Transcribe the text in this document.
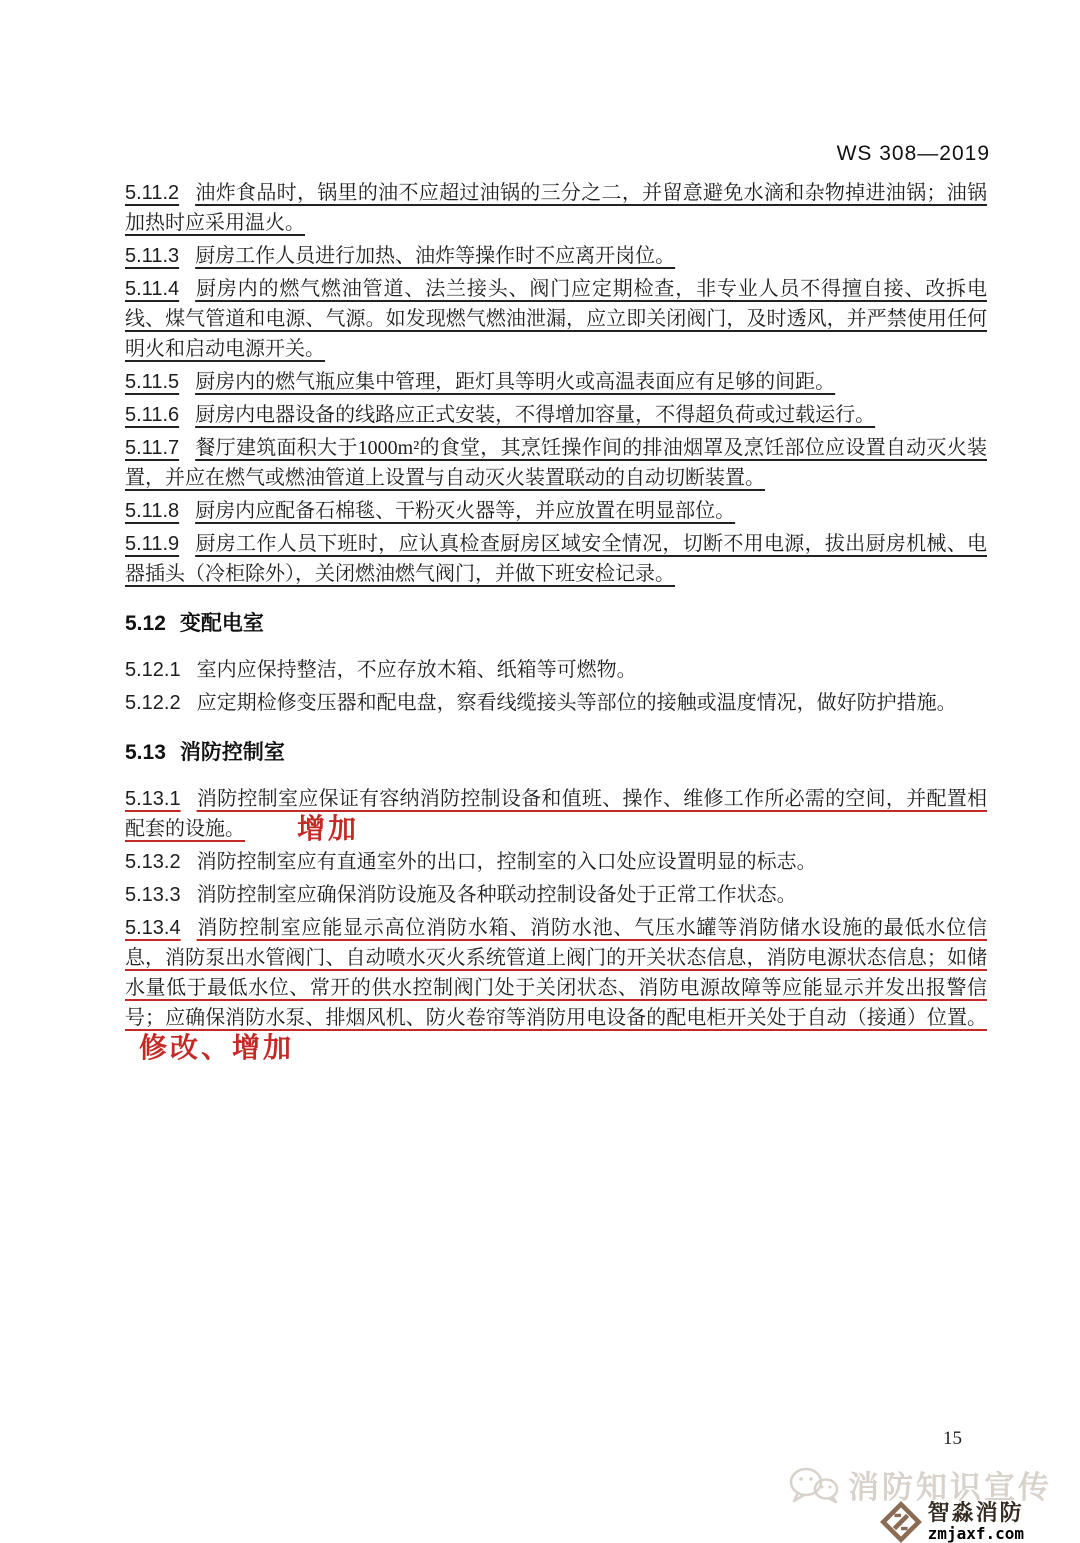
WS 308—2019

5.11.2 油炸食品时，锅里的油不应超过油锅的三分之二，并留意避免水滴和杂物掉进油锅；油锅加热时应采用温火。

5.11.3 厨房工作人员进行加热、油炸等操作时不应离开岗位。

5.11.4 厨房内的燃气燃油管道、法兰接头、阀门应定期检查，非专业人员不得擅自接、改拆电线、煤气管道和电源、气源。如发现燃气燃油泄漏，应立即关闭阀门，及时透风，并严禁使用任何明火和启动电源开关。

5.11.5 厨房内的燃气瓶应集中管理，距灯具等明火或高温表面应有足够的间距。

5.11.6 厨房内电器设备的线路应正式安装，不得增加容量，不得超负荷或过载运行。

5.11.7 餐厅建筑面积大于1000m²的食堂，其烹饪操作间的排油烟罩及烹饪部位应设置自动灭火装置，并应在燃气或燃油管道上设置与自动灭火装置联动的自动切断装置。

5.11.8 厨房内应配备石棉毯、干粉灭火器等，并应放置在明显部位。

5.11.9 厨房工作人员下班时，应认真检查厨房区域安全情况，切断不用电源，拔出厨房机械、电器插头（冷柜除外），关闭燃油燃气阀门，并做下班安检记录。

5.12 变配电室

5.12.1 室内应保持整洁，不应存放木箱、纸箱等可燃物。

5.12.2 应定期检修变压器和配电盘，察看线缆接头等部位的接触或温度情况，做好防护措施。

5.13 消防控制室

5.13.1 消防控制室应保证有容纳消防控制设备和值班、操作、维修工作所必需的空间，并配置相配套的设施。 增加

5.13.2 消防控制室应有直通室外的出口，控制室的入口处应设置明显的标志。

5.13.3 消防控制室应确保消防设施及各种联动控制设备处于正常工作状态。

5.13.4 消防控制室应能显示高位消防水箱、消防水池、气压水罐等消防储水设施的最低水位信息，消防泵出水管阀门、自动喷水灭火系统管道上阀门的开关状态信息，消防电源状态信息；如储水量低于最低水位、常开的供水控制阀门处于关闭状态、消防电源故障等应能显示并发出报警信号；应确保消防水泵、排烟风机、防火卷帘等消防用电设备的配电柜开关处于自动（接通）位置。修改、增加

15
消防知识宣传
智淼消防
zmjaxf.com
